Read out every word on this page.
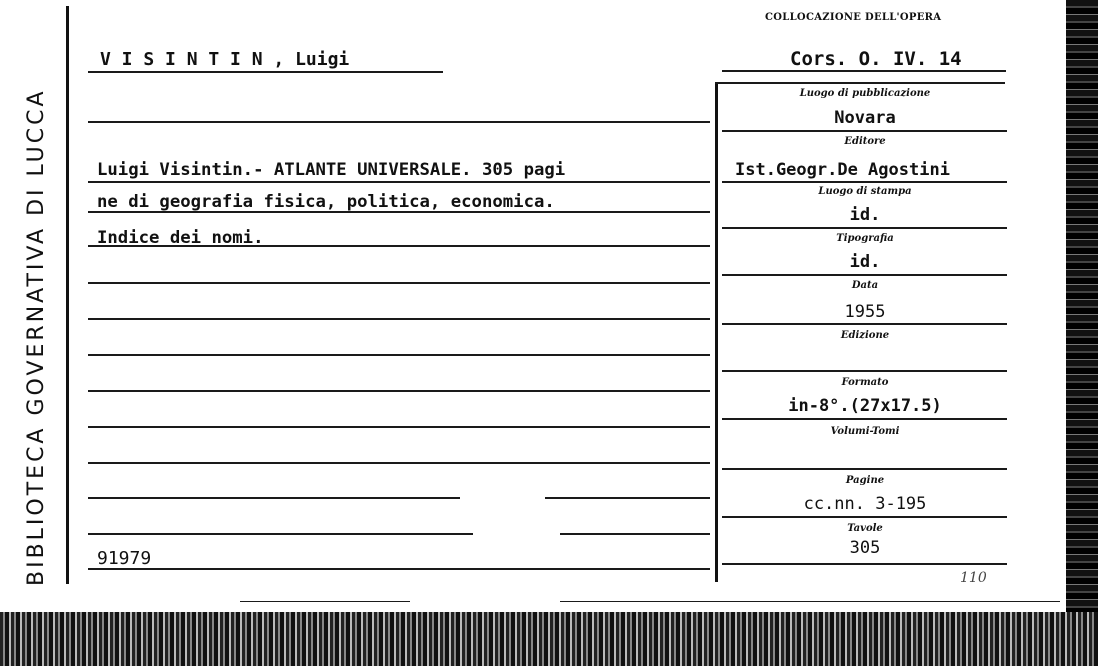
BIBLIOTECA GOVERNATIVA DI LUCCA
COLLOCAZIONE DELL'OPERA
Cors. O. IV. 14
V I S I N T I N , Luigi
Luigi Visintin.- ATLANTE UNIVERSALE. 305 pagi
ne di geografia fisica, politica, economica.
Indice dei nomi.
91979
Luogo di pubblicazione
Novara
Editore
Ist.Geogr.De Agostini
Luogo di stampa
id.
Tipografia
id.
Data
1955
Edizione
Formato
in-8°.(27x17.5)
Volumi-Tomi
Pagine
cc.nn. 3-195
Tavole
305
110
